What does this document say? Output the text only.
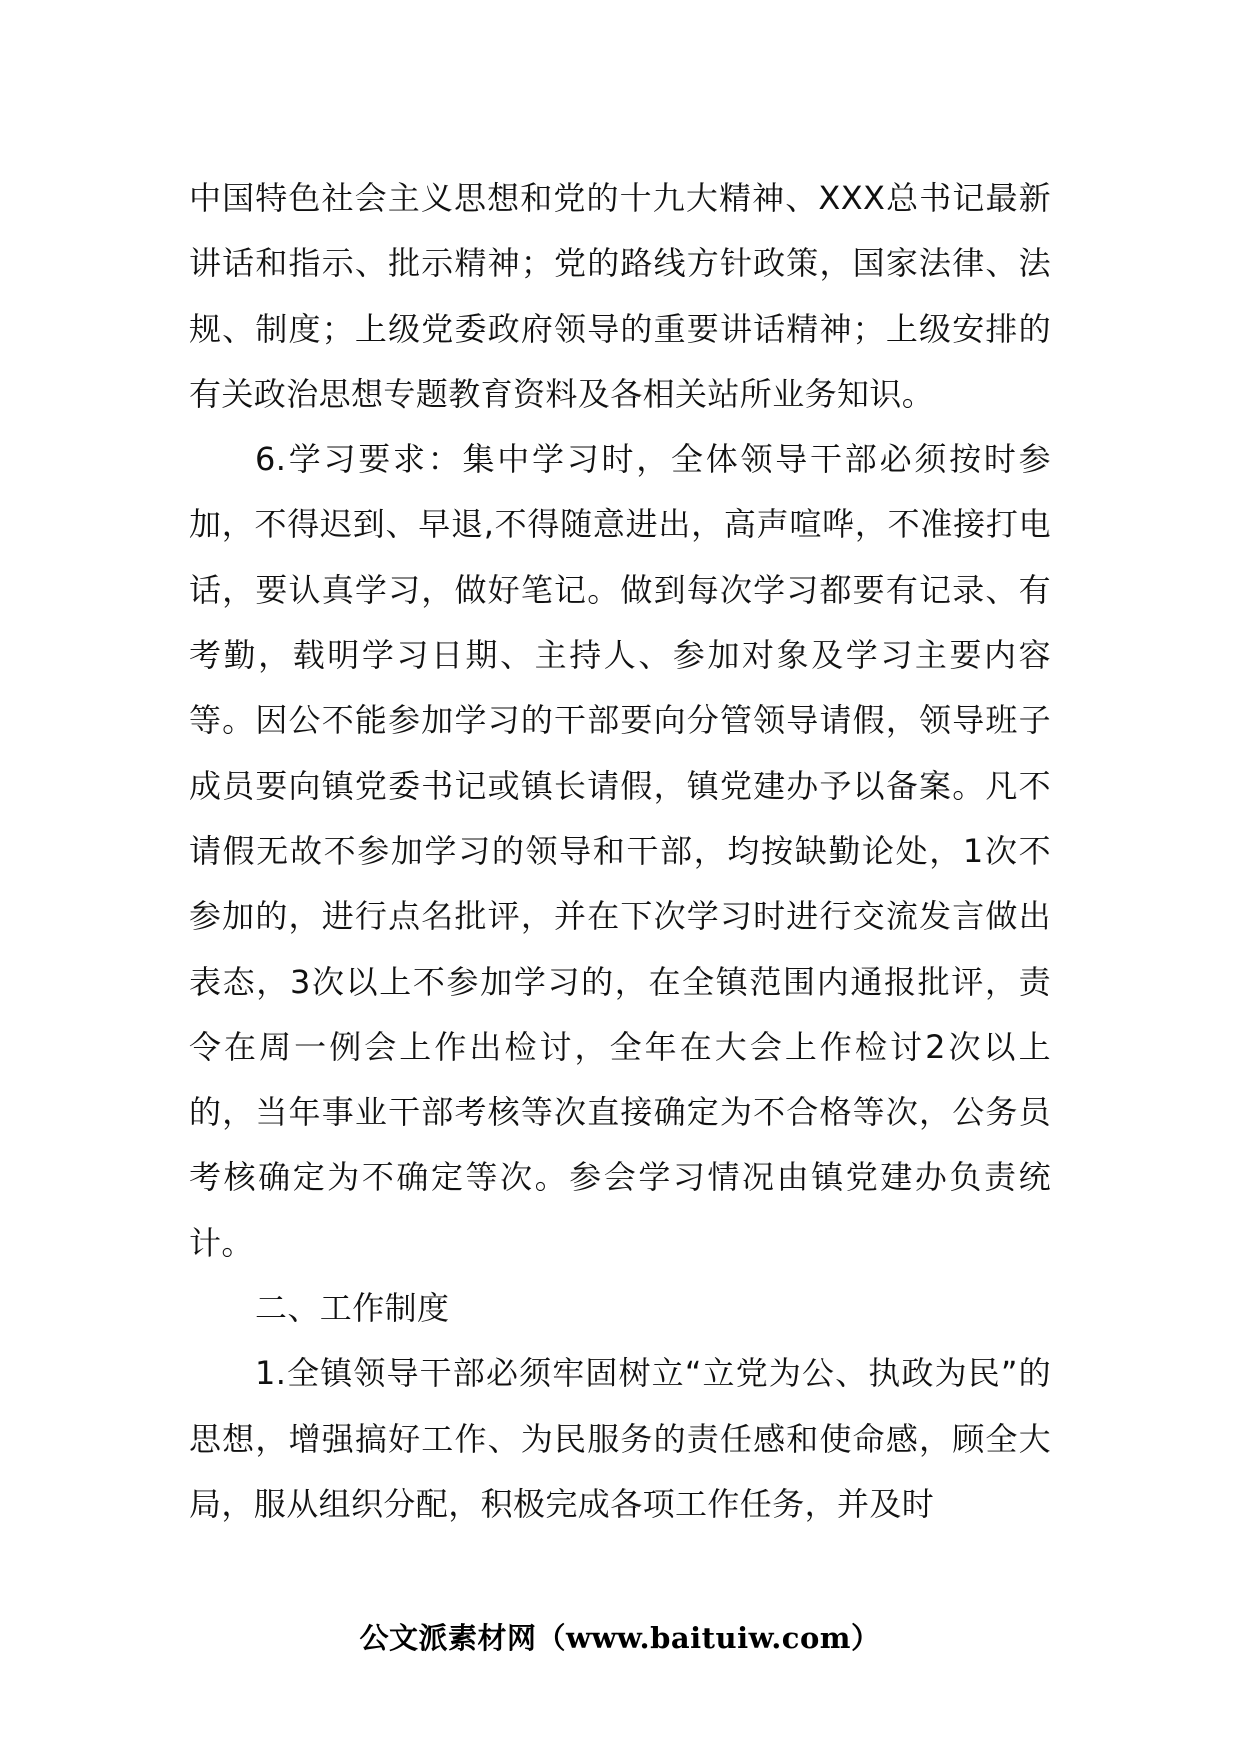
中国特色社会主义思想和党的十九大精神、XXX总书记最新讲话和指示、批示精神；党的路线方针政策，国家法律、法规、制度；上级党委政府领导的重要讲话精神；上级安排的有关政治思想专题教育资料及各相关站所业务知识。

6.学习要求：集中学习时，全体领导干部必须按时参加，不得迟到、早退,不得随意进出，高声喧哗，不准接打电话，要认真学习，做好笔记。做到每次学习都要有记录、有考勤，载明学习日期、主持人、参加对象及学习主要内容等。因公不能参加学习的干部要向分管领导请假，领导班子成员要向镇党委书记或镇长请假，镇党建办予以备案。凡不请假无故不参加学习的领导和干部，均按缺勤论处，1次不参加的，进行点名批评，并在下次学习时进行交流发言做出表态，3次以上不参加学习的，在全镇范围内通报批评，责令在周一例会上作出检讨，全年在大会上作检讨2次以上的，当年事业干部考核等次直接确定为不合格等次，公务员考核确定为不确定等次。参会学习情况由镇党建办负责统计。

二、工作制度

1.全镇领导干部必须牢固树立“立党为公、执政为民”的思想，增强搞好工作、为民服务的责任感和使命感，顾全大局，服从组织分配，积极完成各项工作任务，并及时

公文派素材网（www.baituiw.com）
